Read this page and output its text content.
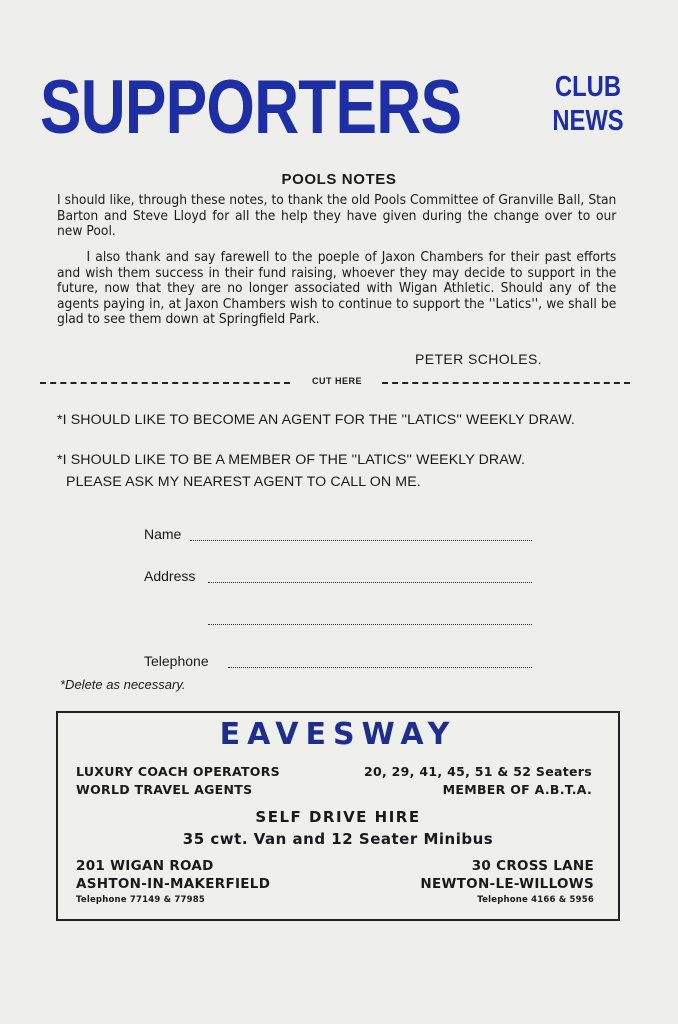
SUPPORTERS	CLUB
NEWS
POOLS NOTES
I should like, through these notes, to thank the old Pools Committee of Granville Ball, Stan Barton and Steve Lloyd for all the help they have given during the change over to our new Pool.
I also thank and say farewell to the poeple of Jaxon Chambers for their past efforts and wish them success in their fund raising, whoever they may decide to support in the future, now that they are no longer associated with Wigan Athletic. Should any of the agents paying in, at Jaxon Chambers wish to continue to support the ''Latics'', we shall be glad to see them down at Springfield Park.
PETER SCHOLES.
CUT HERE
*I SHOULD LIKE TO BECOME AN AGENT FOR THE ''LATICS'' WEEKLY DRAW.
*I SHOULD LIKE TO BE A MEMBER OF THE ''LATICS'' WEEKLY DRAW.
PLEASE ASK MY NEAREST AGENT TO CALL ON ME.
Name
Address
Telephone
*Delete as necessary.
EAVESWAY
LUXURY COACH OPERATORS
WORLD TRAVEL AGENTS
20, 29, 41, 45, 51 & 52 Seaters
MEMBER OF A.B.T.A.
SELF DRIVE HIRE
35 cwt. Van and 12 Seater Minibus
201 WIGAN ROAD
ASHTON-IN-MAKERFIELD
Telephone 77149 & 77985
30 CROSS LANE
NEWTON-LE-WILLOWS
Telephone 4166 & 5956
